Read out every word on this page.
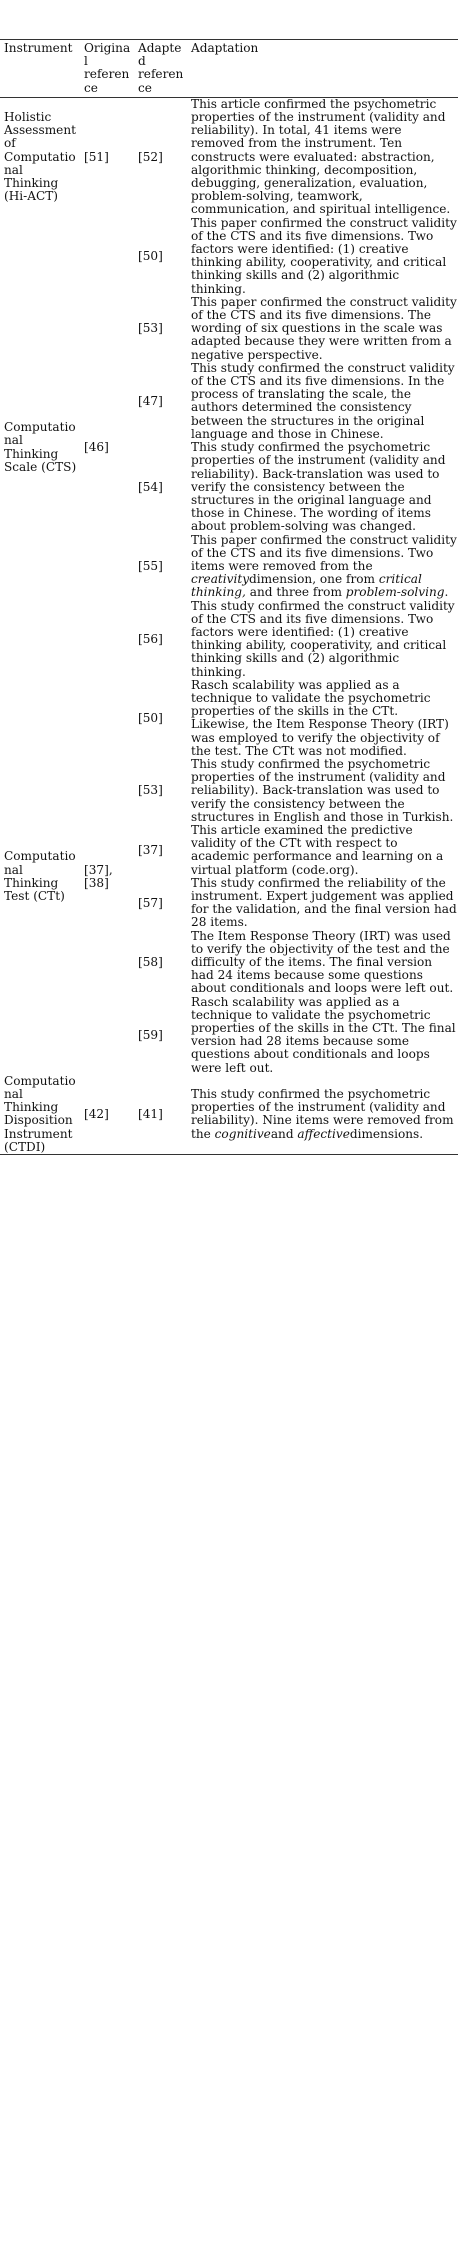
Instrument	Original reference	Adapted reference	Adaptation
Holistic Assessment of Computational Thinking (Hi-ACT)	[51]	[52]	This article confirmed the psychometric properties of the instrument (validity and reliability). In total, 41 items were removed from the instrument. Ten constructs were evaluated: abstraction, algorithmic thinking, decomposition, debugging, generalization, evaluation, problem-solving, teamwork, communication, and spiritual intelligence.
Computational Thinking Scale (CTS)	[46]	[50]	This paper confirmed the construct validity of the CTS and its five dimensions. Two factors were identified: (1) creative thinking ability, cooperativity, and critical thinking skills and (2) algorithmic thinking.
		[53]	This paper confirmed the construct validity of the CTS and its five dimensions. The wording of six questions in the scale was adapted because they were written from a negative perspective.
		[47]	This study confirmed the construct validity of the CTS and its five dimensions. In the process of translating the scale, the authors determined the consistency between the structures in the original language and those in Chinese.
		[54]	This study confirmed the psychometric properties of the instrument (validity and reliability). Back-translation was used to verify the consistency between the structures in the original language and those in Chinese. The wording of items about problem-solving was changed.
		[55]	This paper confirmed the construct validity of the CTS and its five dimensions. Two items were removed from the creativitydimension, one from critical thinking, and three from problem-solving.
		[56]	This study confirmed the construct validity of the CTS and its five dimensions. Two factors were identified: (1) creative thinking ability, cooperativity, and critical thinking skills and (2) algorithmic thinking.
Computational Thinking Test (CTt)	[37], [38]	[50]	Rasch scalability was applied as a technique to validate the psychometric properties of the skills in the CTt. Likewise, the Item Response Theory (IRT) was employed to verify the objectivity of the test. The CTt was not modified.
		[53]	This study confirmed the psychometric properties of the instrument (validity and reliability). Back-translation was used to verify the consistency between the structures in English and those in Turkish.
		[37]	This article examined the predictive validity of the CTt with respect to academic performance and learning on a virtual platform (code.org).
		[57]	This study confirmed the reliability of the instrument. Expert judgement was applied for the validation, and the final version had 28 items.
		[58]	The Item Response Theory (IRT) was used to verify the objectivity of the test and the difficulty of the items. The final version had 24 items because some questions about conditionals and loops were left out.
		[59]	Rasch scalability was applied as a technique to validate the psychometric properties of the skills in the CTt. The final version had 28 items because some questions about conditionals and loops were left out.
Computational Thinking Disposition Instrument (CTDI)	[42]	[41]	This study confirmed the psychometric properties of the instrument (validity and reliability). Nine items were removed from the cognitiveand affectivedimensions.
